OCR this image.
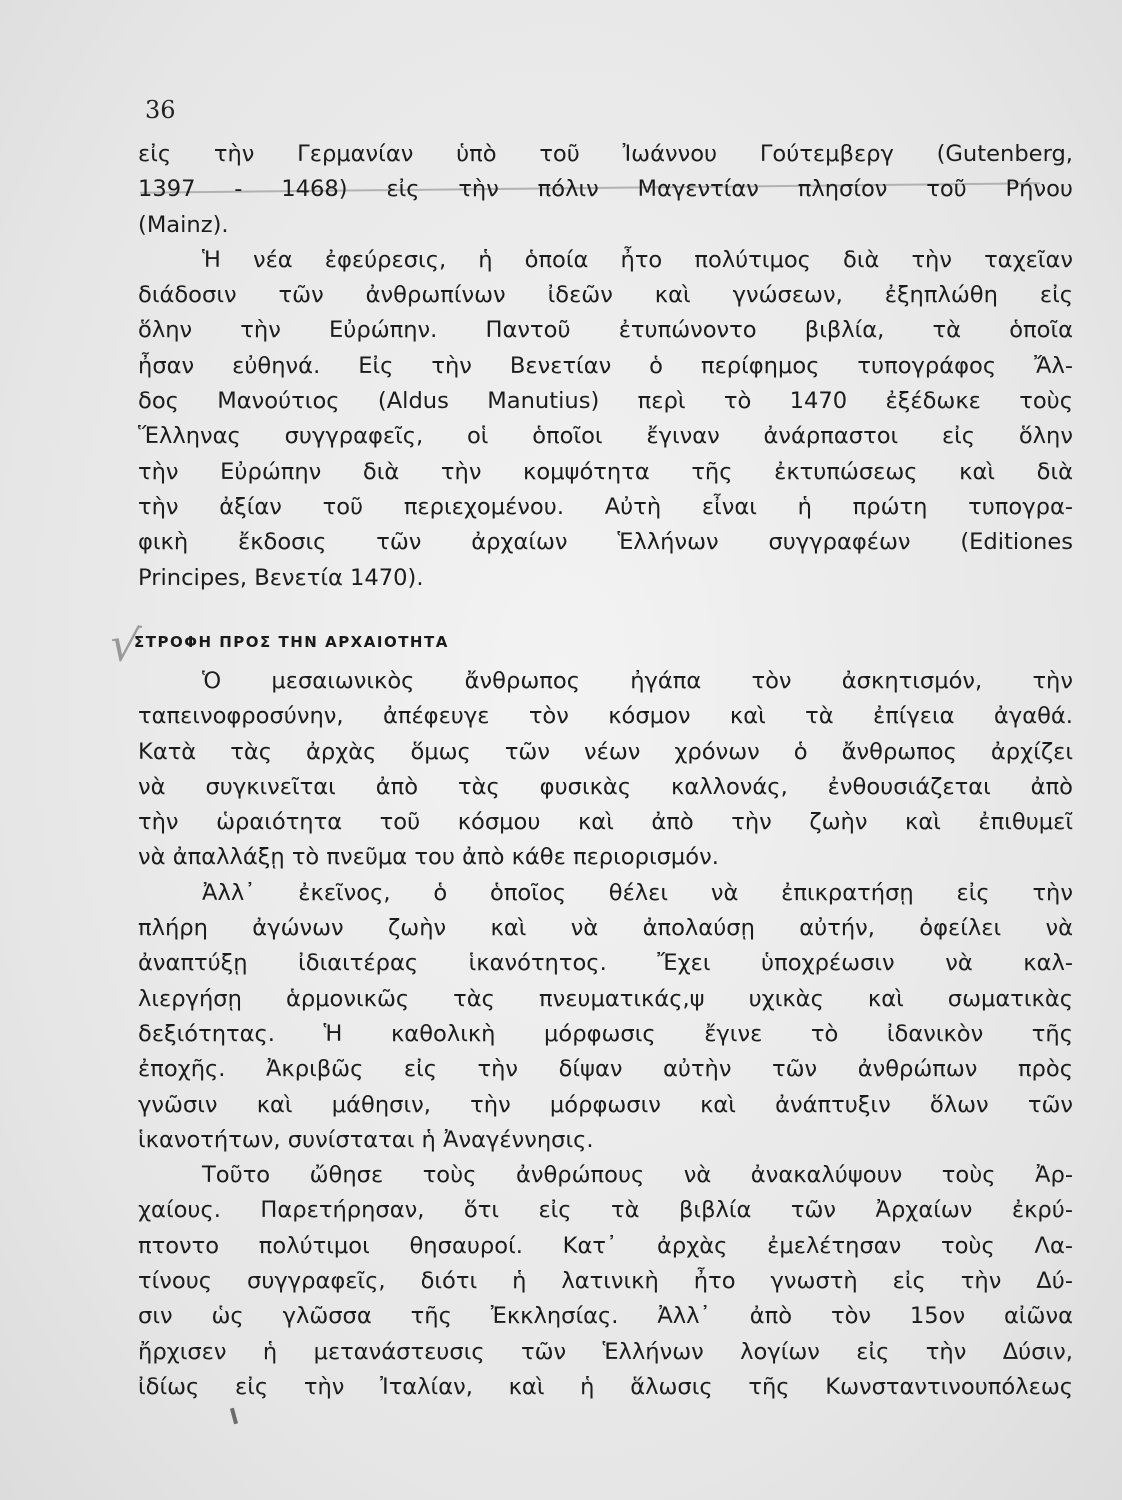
36
εἰς τὴν Γερμανίαν ὑπὸ τοῦ Ἰωάννου Γούτεμβεργ (Gutenberg,
1397 - 1468) εἰς τὴν πόλιν Μαγεντίαν πλησίον τοῦ Ρήνου
(Mainz).
Ἡ νέα ἐφεύρεσις, ἡ ὁποία ἦτο πολύτιμος διὰ τὴν ταχεῖαν
διάδοσιν τῶν ἀνθρωπίνων ἰδεῶν καὶ γνώσεων, ἐξηπλώθη εἰς
ὅλην τὴν Εὐρώπην. Παντοῦ ἐτυπώνοντο βιβλία, τὰ ὁποῖα
ἦσαν εὐθηνά. Εἰς τὴν Βενετίαν ὁ περίφημος τυπογράφος Ἄλ-
δος Μανούτιος (Aldus Manutius) περὶ τὸ 1470 ἐξέδωκε τοὺς
Ἕλληνας συγγραφεῖς, οἱ ὁποῖοι ἔγιναν ἀνάρπαστοι εἰς ὅλην
τὴν Εὐρώπην διὰ τὴν κομψότητα τῆς ἐκτυπώσεως καὶ διὰ
τὴν ἀξίαν τοῦ περιεχομένου. Αὐτὴ εἶναι ἡ πρώτη τυπογρα-
φικὴ ἔκδοσις τῶν ἀρχαίων Ἑλλήνων συγγραφέων (Editiones
Principes, Βενετία 1470).
√
ΣΤΡΟΦΗ ΠΡΟΣ ΤΗΝ ΑΡΧΑΙΟΤΗΤΑ
Ὁ μεσαιωνικὸς ἄνθρωπος ἠγάπα τὸν ἀσκητισμόν, τὴν
ταπεινοφροσύνην, ἀπέφευγε τὸν κόσμον καὶ τὰ ἐπίγεια ἀγαθά.
Κατὰ τὰς ἀρχὰς ὅμως τῶν νέων χρόνων ὁ ἄνθρωπος ἀρχίζει
νὰ συγκινεῖται ἀπὸ τὰς φυσικὰς καλλονάς, ἐνθουσιάζεται ἀπὸ
τὴν ὡραιότητα τοῦ κόσμου καὶ ἀπὸ τὴν ζωὴν καὶ ἐπιθυμεῖ
νὰ ἀπαλλάξῃ τὸ πνεῦμα του ἀπὸ κάθε περιορισμόν.
Ἀλλ᾿ ἐκεῖνος, ὁ ὁποῖος θέλει νὰ ἐπικρατήσῃ εἰς τὴν
πλήρη ἀγώνων ζωὴν καὶ νὰ ἀπολαύσῃ αὐτήν, ὀφείλει νὰ
ἀναπτύξῃ ἰδιαιτέρας ἱκανότητος. Ἔχει ὑποχρέωσιν νὰ καλ-
λιεργήσῃ ἁρμονικῶς τὰς πνευματικάς,ψ υχικὰς καὶ σωματικὰς
δεξιότητας. Ἡ καθολικὴ μόρφωσις ἔγινε τὸ ἰδανικὸν τῆς
ἐποχῆς. Ἀκριβῶς εἰς τὴν δίψαν αὐτὴν τῶν ἀνθρώπων πρὸς
γνῶσιν καὶ μάθησιν, τὴν μόρφωσιν καὶ ἀνάπτυξιν ὅλων τῶν
ἱκανοτήτων, συνίσταται ἡ Ἀναγέννησις.
Τοῦτο ὤθησε τοὺς ἀνθρώπους νὰ ἀνακαλύψουν τοὺς Ἀρ-
χαίους. Παρετήρησαν, ὅτι εἰς τὰ βιβλία τῶν Ἀρχαίων ἐκρύ-
πτοντο πολύτιμοι θησαυροί. Κατ᾿ ἀρχὰς ἐμελέτησαν τοὺς Λα-
τίνους συγγραφεῖς, διότι ἡ λατινικὴ ἦτο γνωστὴ εἰς τὴν Δύ-
σιν ὡς γλῶσσα τῆς Ἐκκλησίας. Ἀλλ᾿ ἀπὸ τὸν 15ον αἰῶνα
ἤρχισεν ἡ μετανάστευσις τῶν Ἑλλήνων λογίων εἰς τὴν Δύσιν,
ἰδίως εἰς τὴν Ἰταλίαν, καὶ ἡ ἅλωσις τῆς Κωνσταντινουπόλεως
